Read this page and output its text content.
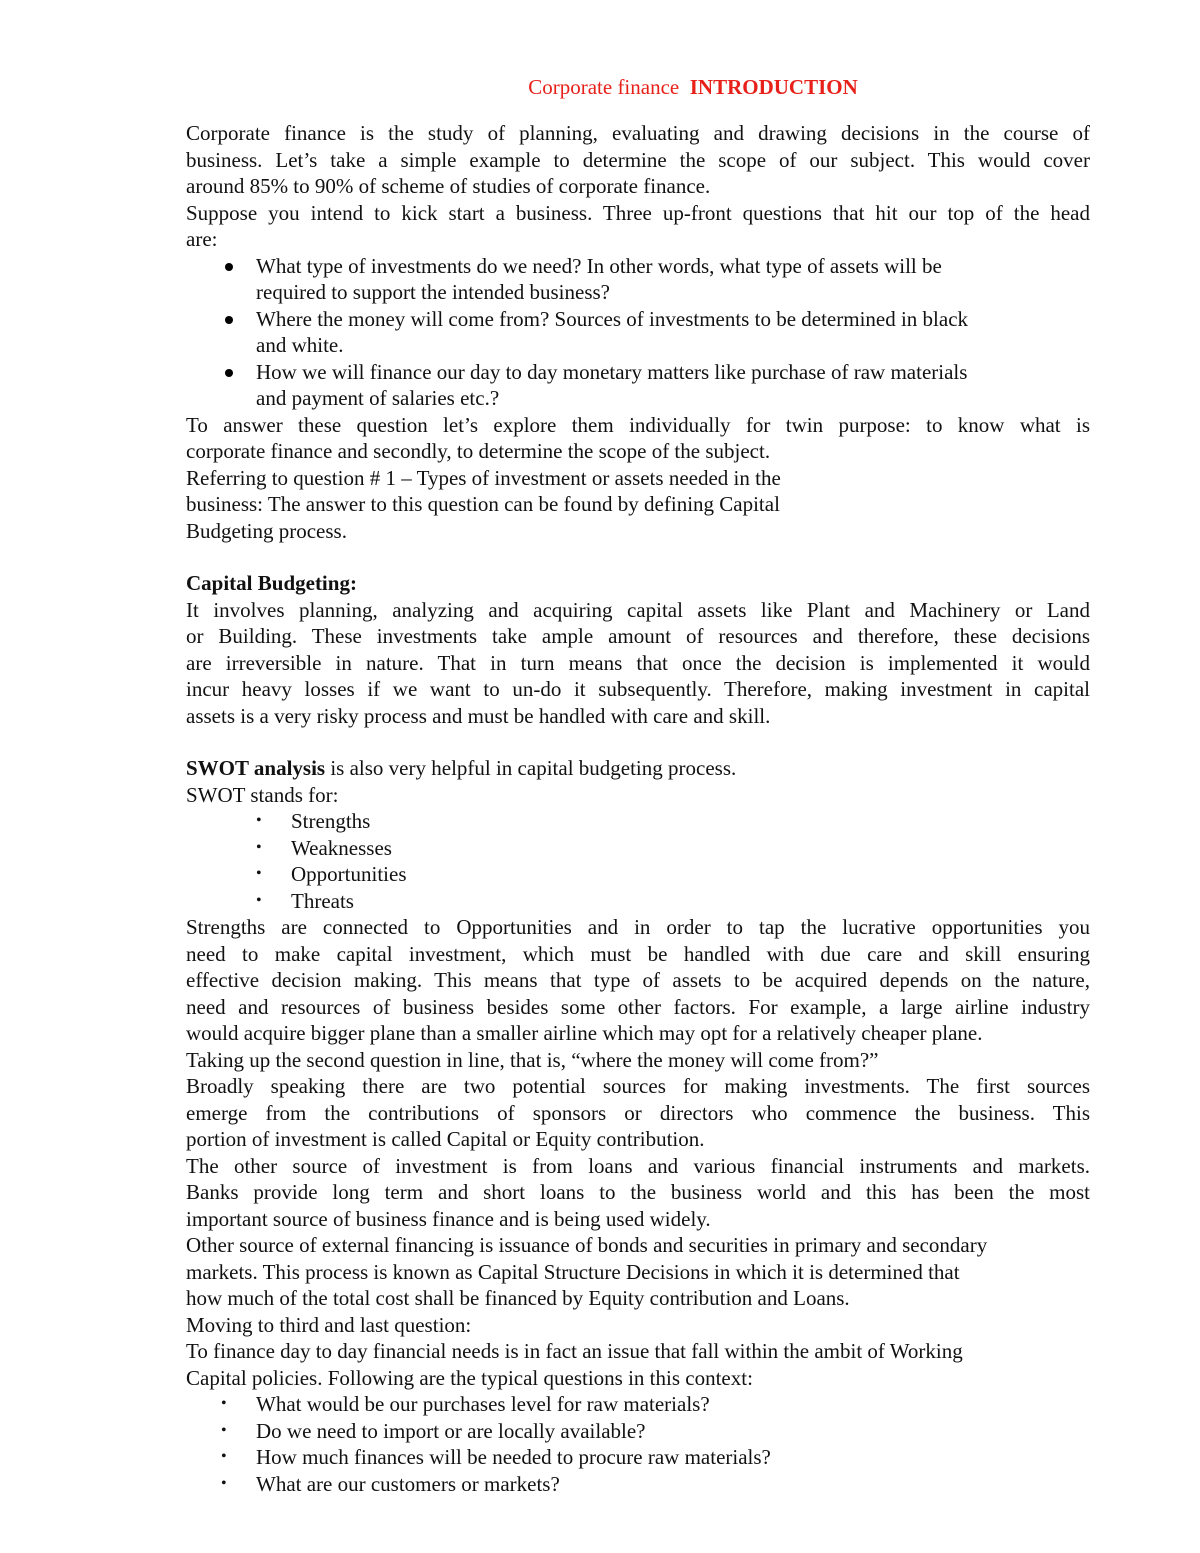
Corporate finance INTRODUCTION

Corporate finance is the study of planning, evaluating and drawing decisions in the course of

business. Let’s take a simple example to determine the scope of our subject. This would cover

around 85% to 90% of scheme of studies of corporate finance.

Suppose you intend to kick start a business. Three up-front questions that hit our top of the head

are:

What type of investments do we need? In other words, what type of assets will be
required to support the intended business?
Where the money will come from? Sources of investments to be determined in black
and white.
How we will finance our day to day monetary matters like purchase of raw materials
and payment of salaries etc.?

To answer these question let’s explore them individually for twin purpose: to know what is

corporate finance and secondly, to determine the scope of the subject.

Referring to question # 1 – Types of investment or assets needed in the

business: The answer to this question can be found by defining Capital

Budgeting process.

Capital Budgeting:

It involves planning, analyzing and acquiring capital assets like Plant and Machinery or Land

or Building. These investments take ample amount of resources and therefore, these decisions

are irreversible in nature. That in turn means that once the decision is implemented it would

incur heavy losses if we want to un-do it subsequently. Therefore, making investment in capital

assets is a very risky process and must be handled with care and skill.

SWOT analysis is also very helpful in capital budgeting process.

SWOT stands for:

• Strengths
• Weaknesses
• Opportunities
• Threats

Strengths are connected to Opportunities and in order to tap the lucrative opportunities you

need to make capital investment, which must be handled with due care and skill ensuring

effective decision making. This means that type of assets to be acquired depends on the nature,

need and resources of business besides some other factors. For example, a large airline industry

would acquire bigger plane than a smaller airline which may opt for a relatively cheaper plane.

Taking up the second question in line, that is, “where the money will come from?”

Broadly speaking there are two potential sources for making investments. The first sources

emerge from the contributions of sponsors or directors who commence the business. This

portion of investment is called Capital or Equity contribution.

The other source of investment is from loans and various financial instruments and markets.

Banks provide long term and short loans to the business world and this has been the most

important source of business finance and is being used widely.

Other source of external financing is issuance of bonds and securities in primary and secondary

markets. This process is known as Capital Structure Decisions in which it is determined that

how much of the total cost shall be financed by Equity contribution and Loans.

Moving to third and last question:

To finance day to day financial needs is in fact an issue that fall within the ambit of Working

Capital policies. Following are the typical questions in this context:

• What would be our purchases level for raw materials?
• Do we need to import or are locally available?
• How much finances will be needed to procure raw materials?
• What are our customers or markets?
